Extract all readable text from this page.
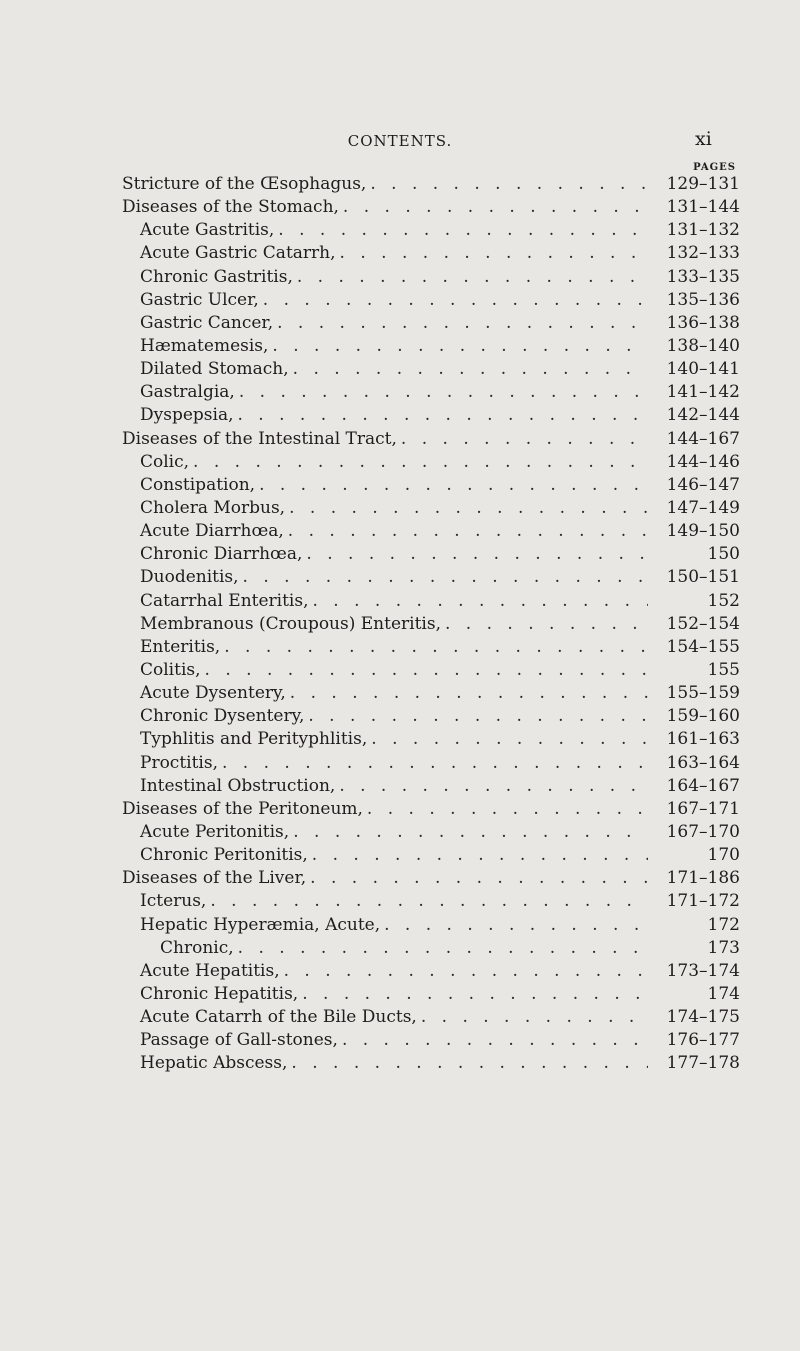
CONTENTS.	xi
PAGES
Stricture of the Œsophagus, . . .	129–131
Diseases of the Stomach, . . .	131–144
Acute Gastritis, . . .	131–132
Acute Gastric Catarrh, . . .	132–133
Chronic Gastritis, . . .	133–135
Gastric Ulcer, . . .	135–136
Gastric Cancer, . . .	136–138
Hæmatemesis, . . .	138–140
Dilated Stomach, . . .	140–141
Gastralgia, . . .	141–142
Dyspepsia, . . .	142–144
Diseases of the Intestinal Tract, . . .	144–167
Colic, . . .	144–146
Constipation, . . .	146–147
Cholera Morbus, . . .	147–149
Acute Diarrhœa, . . .	149–150
Chronic Diarrhœa, . . .	150
Duodenitis, . . .	150–151
Catarrhal Enteritis, . . .	152
Membranous (Croupous) Enteritis, . . .	152–154
Enteritis, . . .	154–155
Colitis, . . .	155
Acute Dysentery, . . .	155–159
Chronic Dysentery, . . .	159–160
Typhlitis and Perityphlitis, . . .	161–163
Proctitis, . . .	163–164
Intestinal Obstruction, . . .	164–167
Diseases of the Peritoneum, . . .	167–171
Acute Peritonitis, . . .	167–170
Chronic Peritonitis, . . .	170
Diseases of the Liver, . . .	171–186
Icterus, . . .	171–172
Hepatic Hyperæmia, Acute, . . .	172
Chronic, . . .	173
Acute Hepatitis, . . .	173–174
Chronic Hepatitis, . . .	174
Acute Catarrh of the Bile Ducts, . . .	174–175
Passage of Gall-stones, . . .	176–177
Hepatic Abscess, . . .	177–178
